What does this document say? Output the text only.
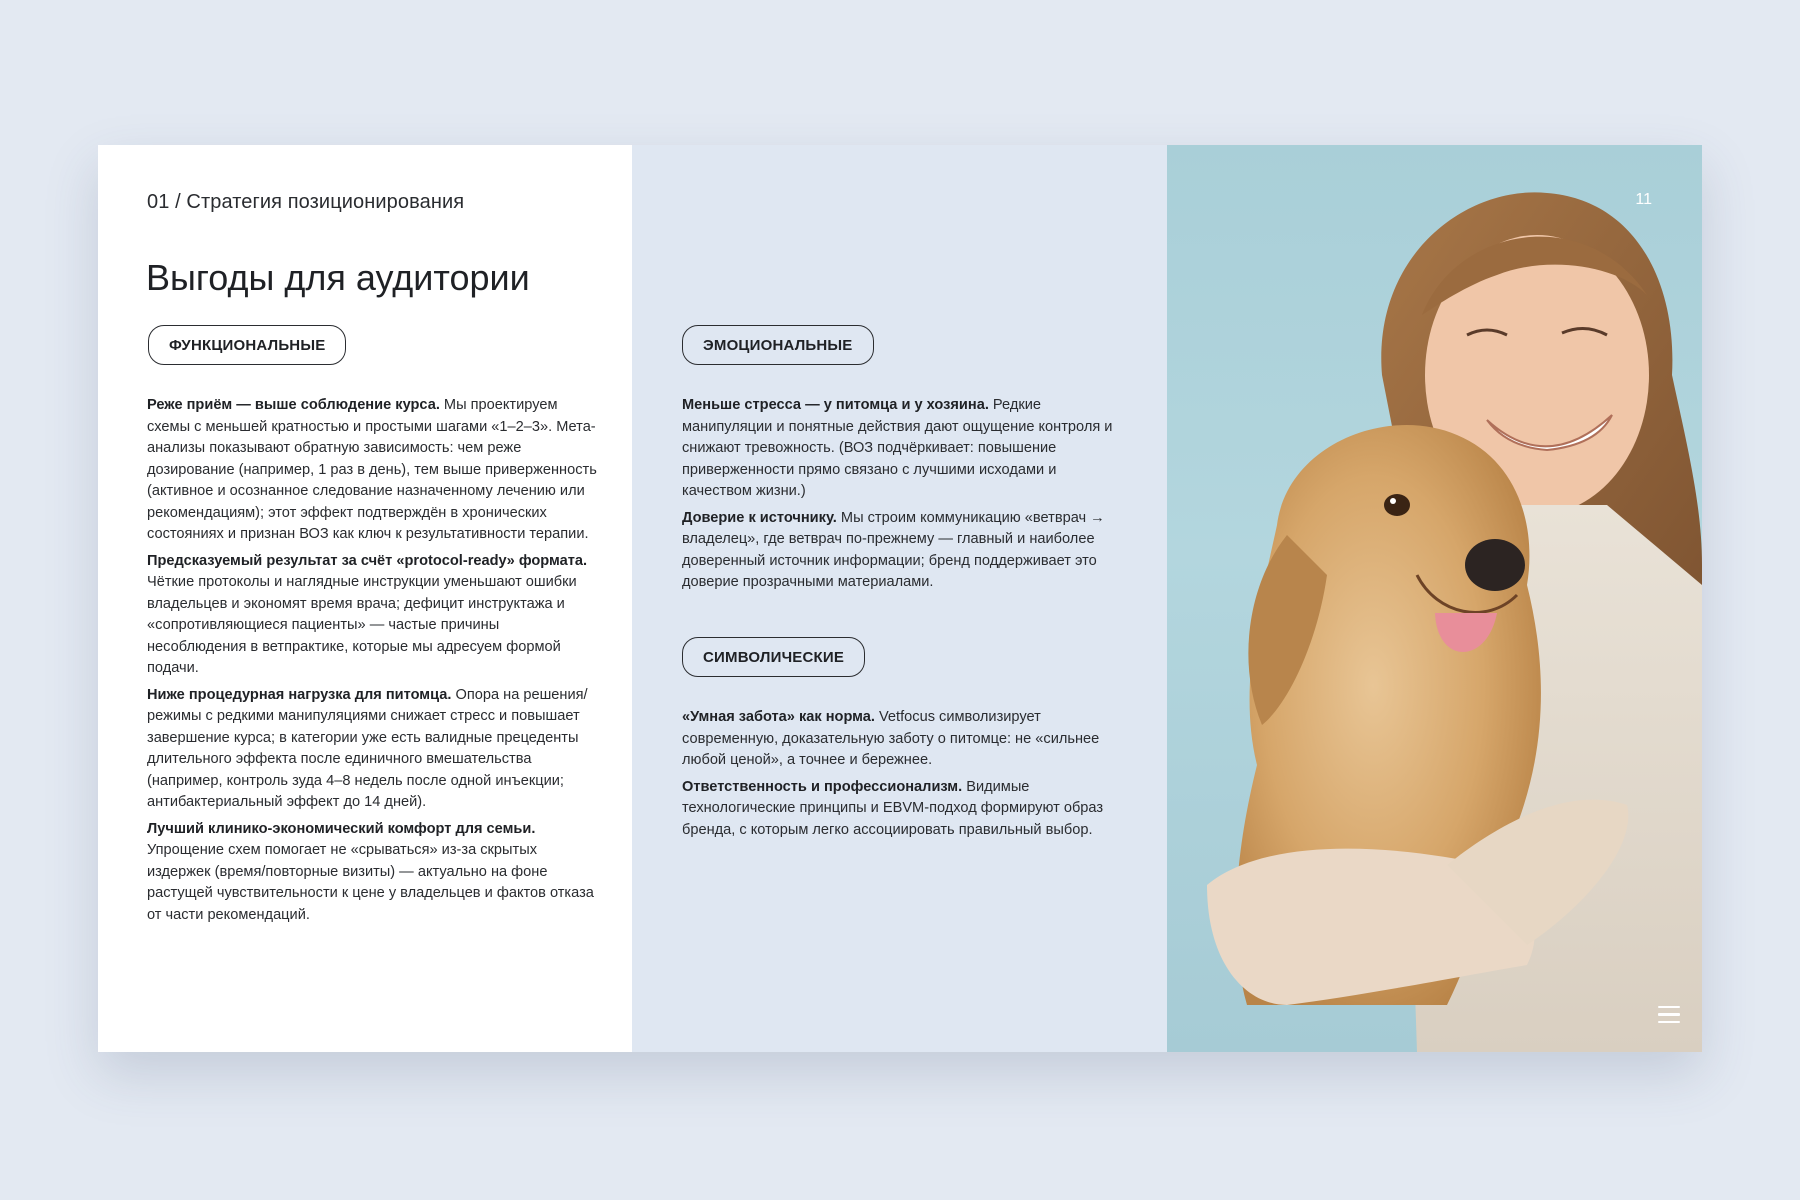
01 / Стратегия позиционирования
Выгоды для аудитории
ФУНКЦИОНАЛЬНЫЕ

Реже приём — выше соблюдение курса. Мы проектируем схемы с меньшей кратностью и простыми шагами «1–2–3». Мета-анализы показывают обратную зависимость: чем реже дозирование (например, 1 раз в день), тем выше приверженность (активное и осознанное следование назначенному лечению или рекомендациям); этот эффект подтверждён в хронических состояниях и признан ВОЗ как ключ к результативности терапии.

Предсказуемый результат за счёт «protocol-ready» формата. Чёткие протоколы и наглядные инструкции уменьшают ошибки владельцев и экономят время врача; дефицит инструктажа и «сопротивляющиеся пациенты» — частые причины несоблюдения в ветпрактике, которые мы адресуем формой подачи.

Ниже процедурная нагрузка для питомца. Опора на решения/режимы с редкими манипуляциями снижает стресс и повышает завершение курса; в категории уже есть валидные прецеденты длительного эффекта после единичного вмешательства (например, контроль зуда 4–8 недель после одной инъекции; антибактериальный эффект до 14 дней).

Лучший клинико-экономический комфорт для семьи. Упрощение схем помогает не «срываться» из-за скрытых издержек (время/повторные визиты) — актуально на фоне растущей чувствительности к цене у владельцев и фактов отказа от части рекомендаций.

ЭМОЦИОНАЛЬНЫЕ

Меньше стресса — у питомца и у хозяина. Редкие манипуляции и понятные действия дают ощущение контроля и снижают тревожность. (ВОЗ подчёркивает: повышение приверженности прямо связано с лучшими исходами и качеством жизни.)

Доверие к источнику. Мы строим коммуникацию «ветврач → владелец», где ветврач по-прежнему — главный и наиболее доверенный источник информации; бренд поддерживает это доверие прозрачными материалами.

СИМВОЛИЧЕСКИЕ

«Умная забота» как норма. Vetfocus символизирует современную, доказательную заботу о питомце: не «сильнее любой ценой», а точнее и бережнее.

Ответственность и профессионализм. Видимые технологические принципы и EBVM-подход формируют образ бренда, с которым легко ассоциировать правильный выбор.

11
